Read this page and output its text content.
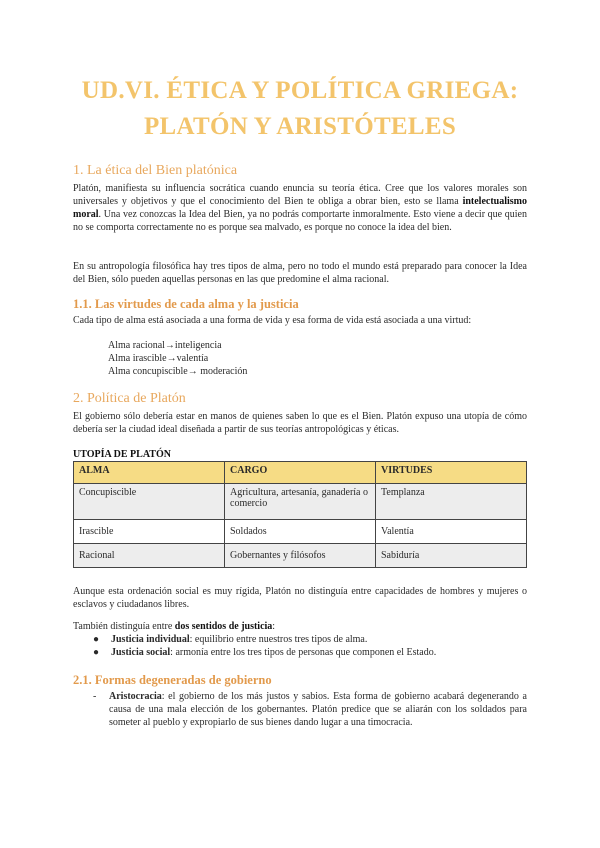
UD.VI. ÉTICA Y POLÍTICA GRIEGA:
PLATÓN Y ARISTÓTELES
1. La ética del Bien platónica
Platón, manifiesta su influencia socrática cuando enuncia su teoría ética. Cree que los valores morales son universales y objetivos y que el conocimiento del Bien te obliga a obrar bien, esto se llama intelectualismo moral. Una vez conozcas la Idea del Bien, ya no podrás comportarte inmoralmente. Esto viene a decir que quien no se comporta correctamente no es porque sea malvado, es porque no conoce la idea del bien.
En su antropología filosófica hay tres tipos de alma, pero no todo el mundo está preparado para conocer la Idea del Bien, sólo pueden aquellas personas en las que predomine el alma racional.
1.1. Las virtudes de cada alma y la justicia
Cada tipo de alma está asociada a una forma de vida y esa forma de vida está asociada a una virtud:
Alma racional→inteligencia
Alma irascible→valentía
Alma concupiscible→ moderación
2. Política de Platón
El gobierno sólo debería estar en manos de quienes saben lo que es el Bien. Platón expuso una utopía de cómo debería ser la ciudad ideal diseñada a partir de sus teorías antropológicas y éticas.
UTOPÍA DE PLATÓN
ALMA	CARGO	VIRTUDES
Concupiscible	Agricultura, artesanía, ganadería o comercio	Templanza
Irascible	Soldados	Valentía
Racional	Gobernantes y filósofos	Sabiduría
Aunque esta ordenación social es muy rígida, Platón no distinguía entre capacidades de hombres y mujeres o esclavos y ciudadanos libres.
También distinguía entre dos sentidos de justicia:
● Justicia individual: equilibrio entre nuestros tres tipos de alma.
● Justicia social: armonía entre los tres tipos de personas que componen el Estado.
2.1. Formas degeneradas de gobierno
- Aristocracia: el gobierno de los más justos y sabios. Esta forma de gobierno acabará degenerando a causa de una mala elección de los gobernantes. Platón predice que se aliarán con los soldados para someter al pueblo y expropiarlo de sus bienes dando lugar a una timocracia.
